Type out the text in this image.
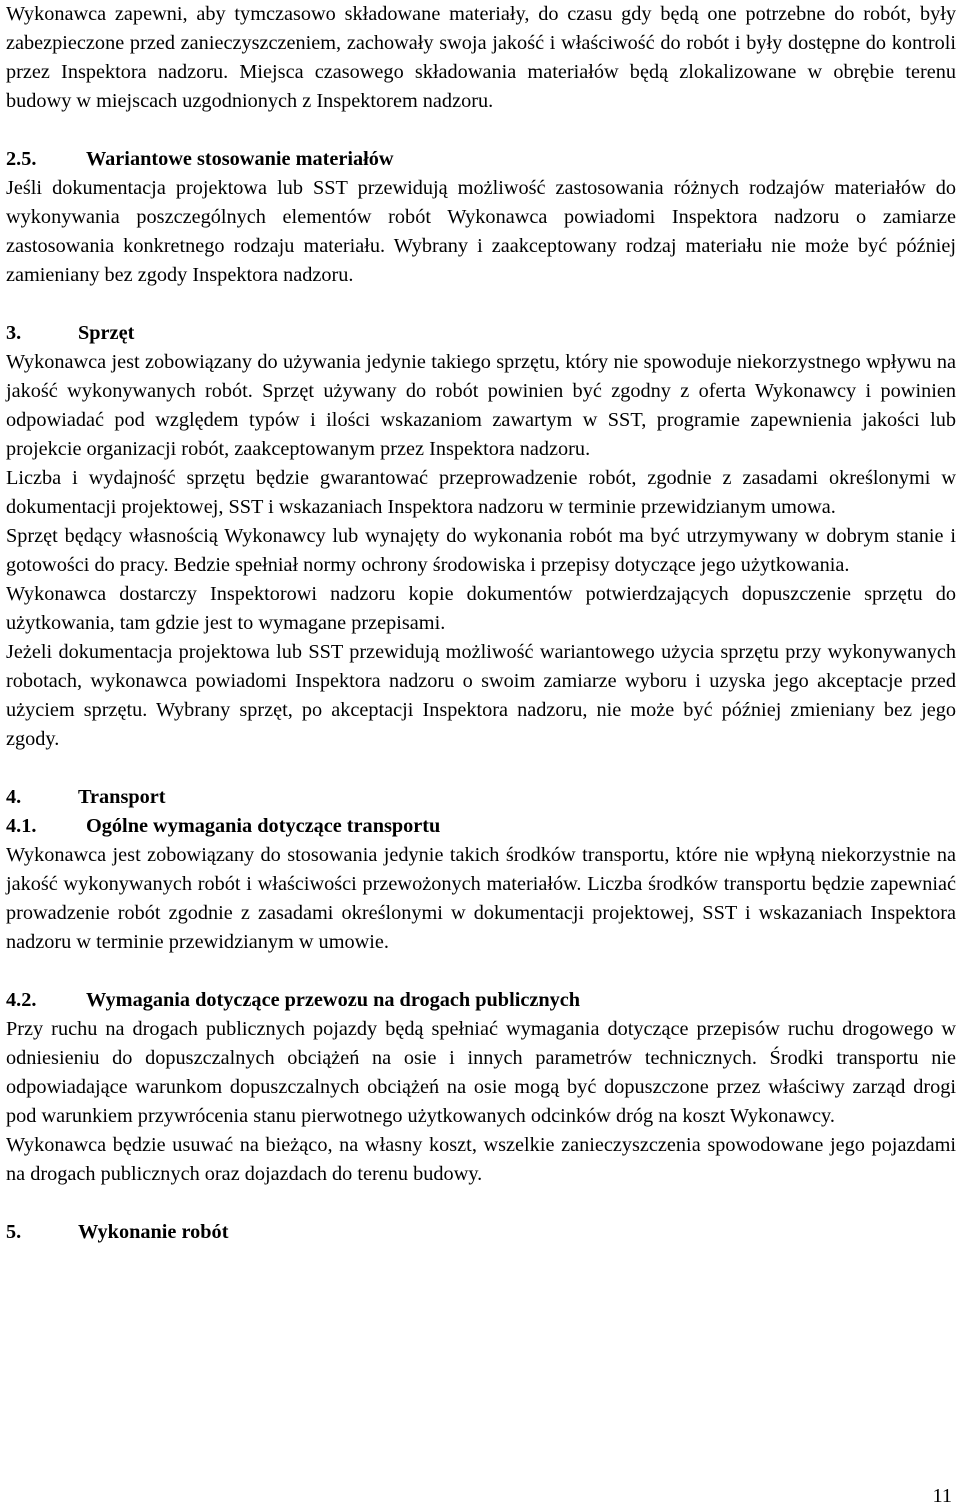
Wykonawca zapewni, aby tymczasowo składowane materiały, do czasu gdy będą one potrzebne do robót, były zabezpieczone przed zanieczyszczeniem, zachowały swoja jakość i właściwość do robót i były dostępne do kontroli przez Inspektora nadzoru. Miejsca czasowego składowania materiałów będą zlokalizowane w obrębie terenu budowy w miejscach uzgodnionych z Inspektorem nadzoru.

2.5. Wariantowe stosowanie materiałów

Jeśli dokumentacja projektowa lub SST przewidują możliwość zastosowania różnych rodzajów materiałów do wykonywania poszczególnych elementów robót Wykonawca powiadomi Inspektora nadzoru o zamiarze zastosowania konkretnego rodzaju materiału. Wybrany i zaakceptowany rodzaj materiału nie może być później zamieniany bez zgody Inspektora nadzoru.

3.	Sprzęt

Wykonawca jest zobowiązany do używania jedynie takiego sprzętu, który nie spowoduje niekorzystnego wpływu na jakość wykonywanych robót. Sprzęt używany do robót powinien być zgodny z oferta Wykonawcy i powinien odpowiadać pod względem typów i ilości wskazaniom zawartym w SST, programie zapewnienia jakości lub projekcie organizacji robót, zaakceptowanym przez Inspektora nadzoru.

Liczba i wydajność sprzętu będzie gwarantować przeprowadzenie robót, zgodnie z zasadami określonymi w dokumentacji projektowej, SST i wskazaniach Inspektora nadzoru w terminie przewidzianym umowa.

Sprzęt będący własnością Wykonawcy lub wynajęty do wykonania robót ma być utrzymywany w dobrym stanie i gotowości do pracy. Bedzie spełniał normy ochrony środowiska i przepisy dotyczące jego użytkowania.

Wykonawca dostarczy Inspektorowi nadzoru kopie dokumentów potwierdzających dopuszczenie sprzętu do użytkowania, tam gdzie jest to wymagane przepisami.

Jeżeli dokumentacja projektowa lub SST przewidują możliwość wariantowego użycia sprzętu przy wykonywanych robotach, wykonawca powiadomi Inspektora nadzoru o swoim zamiarze wyboru i uzyska jego akceptacje przed użyciem sprzętu. Wybrany sprzęt, po akceptacji Inspektora nadzoru, nie może być później zmieniany bez jego zgody.

4.	Transport
4.1. Ogólne wymagania dotyczące transportu

Wykonawca jest zobowiązany do stosowania jedynie takich środków transportu, które nie wpłyną niekorzystnie na jakość wykonywanych robót i właściwości przewożonych materiałów. Liczba środków transportu będzie zapewniać prowadzenie robót zgodnie z zasadami określonymi w dokumentacji projektowej, SST i wskazaniach Inspektora nadzoru w terminie przewidzianym w umowie.

4.2. Wymagania dotyczące przewozu na drogach publicznych

Przy ruchu na drogach publicznych pojazdy będą spełniać wymagania dotyczące przepisów ruchu drogowego w odniesieniu do dopuszczalnych obciążeń na osie i innych parametrów technicznych. Środki transportu nie odpowiadające warunkom dopuszczalnych obciążeń na osie mogą być dopuszczone przez właściwy zarząd drogi pod warunkiem przywrócenia stanu pierwotnego użytkowanych odcinków dróg na koszt Wykonawcy.

Wykonawca będzie usuwać na bieżąco, na własny koszt, wszelkie zanieczyszczenia spowodowane jego pojazdami na drogach publicznych oraz dojazdach do terenu budowy.

5.	Wykonanie robót
11
